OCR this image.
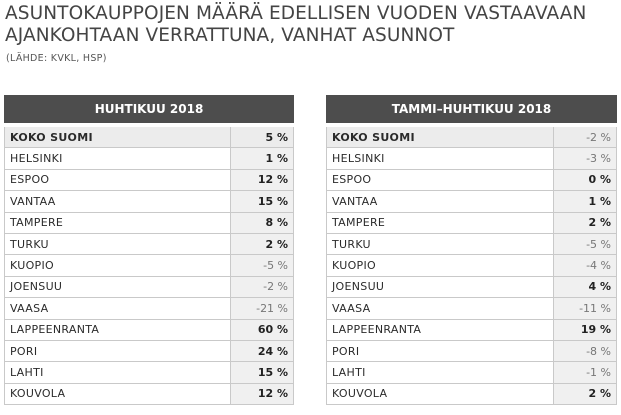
ASUNTOKAUPPOJEN MÄÄRÄ EDELLISEN VUODEN VASTAAVAAN
AJANKOHTAAN VERRATTUNA, VANHAT ASUNNOT
(LÄHDE: KVKL, HSP)
HUHTIKUU 2018	

KOKO SUOMI	5 %
HELSINKI	1 %
ESPOO	12 %
VANTAA	15 %
TAMPERE	8 %
TURKU	2 %
KUOPIO	-5 %
JOENSUU	-2 %
VAASA	-21 %
LAPPEENRANTA	60 %
PORI	24 %
LAHTI	15 %
KOUVOLA	12 %
TAMMI–HUHTIKUU 2018	

KOKO SUOMI	-2 %
HELSINKI	-3 %
ESPOO	0 %
VANTAA	1 %
TAMPERE	2 %
TURKU	-5 %
KUOPIO	-4 %
JOENSUU	4 %
VAASA	-11 %
LAPPEENRANTA	19 %
PORI	-8 %
LAHTI	-1 %
KOUVOLA	2 %
